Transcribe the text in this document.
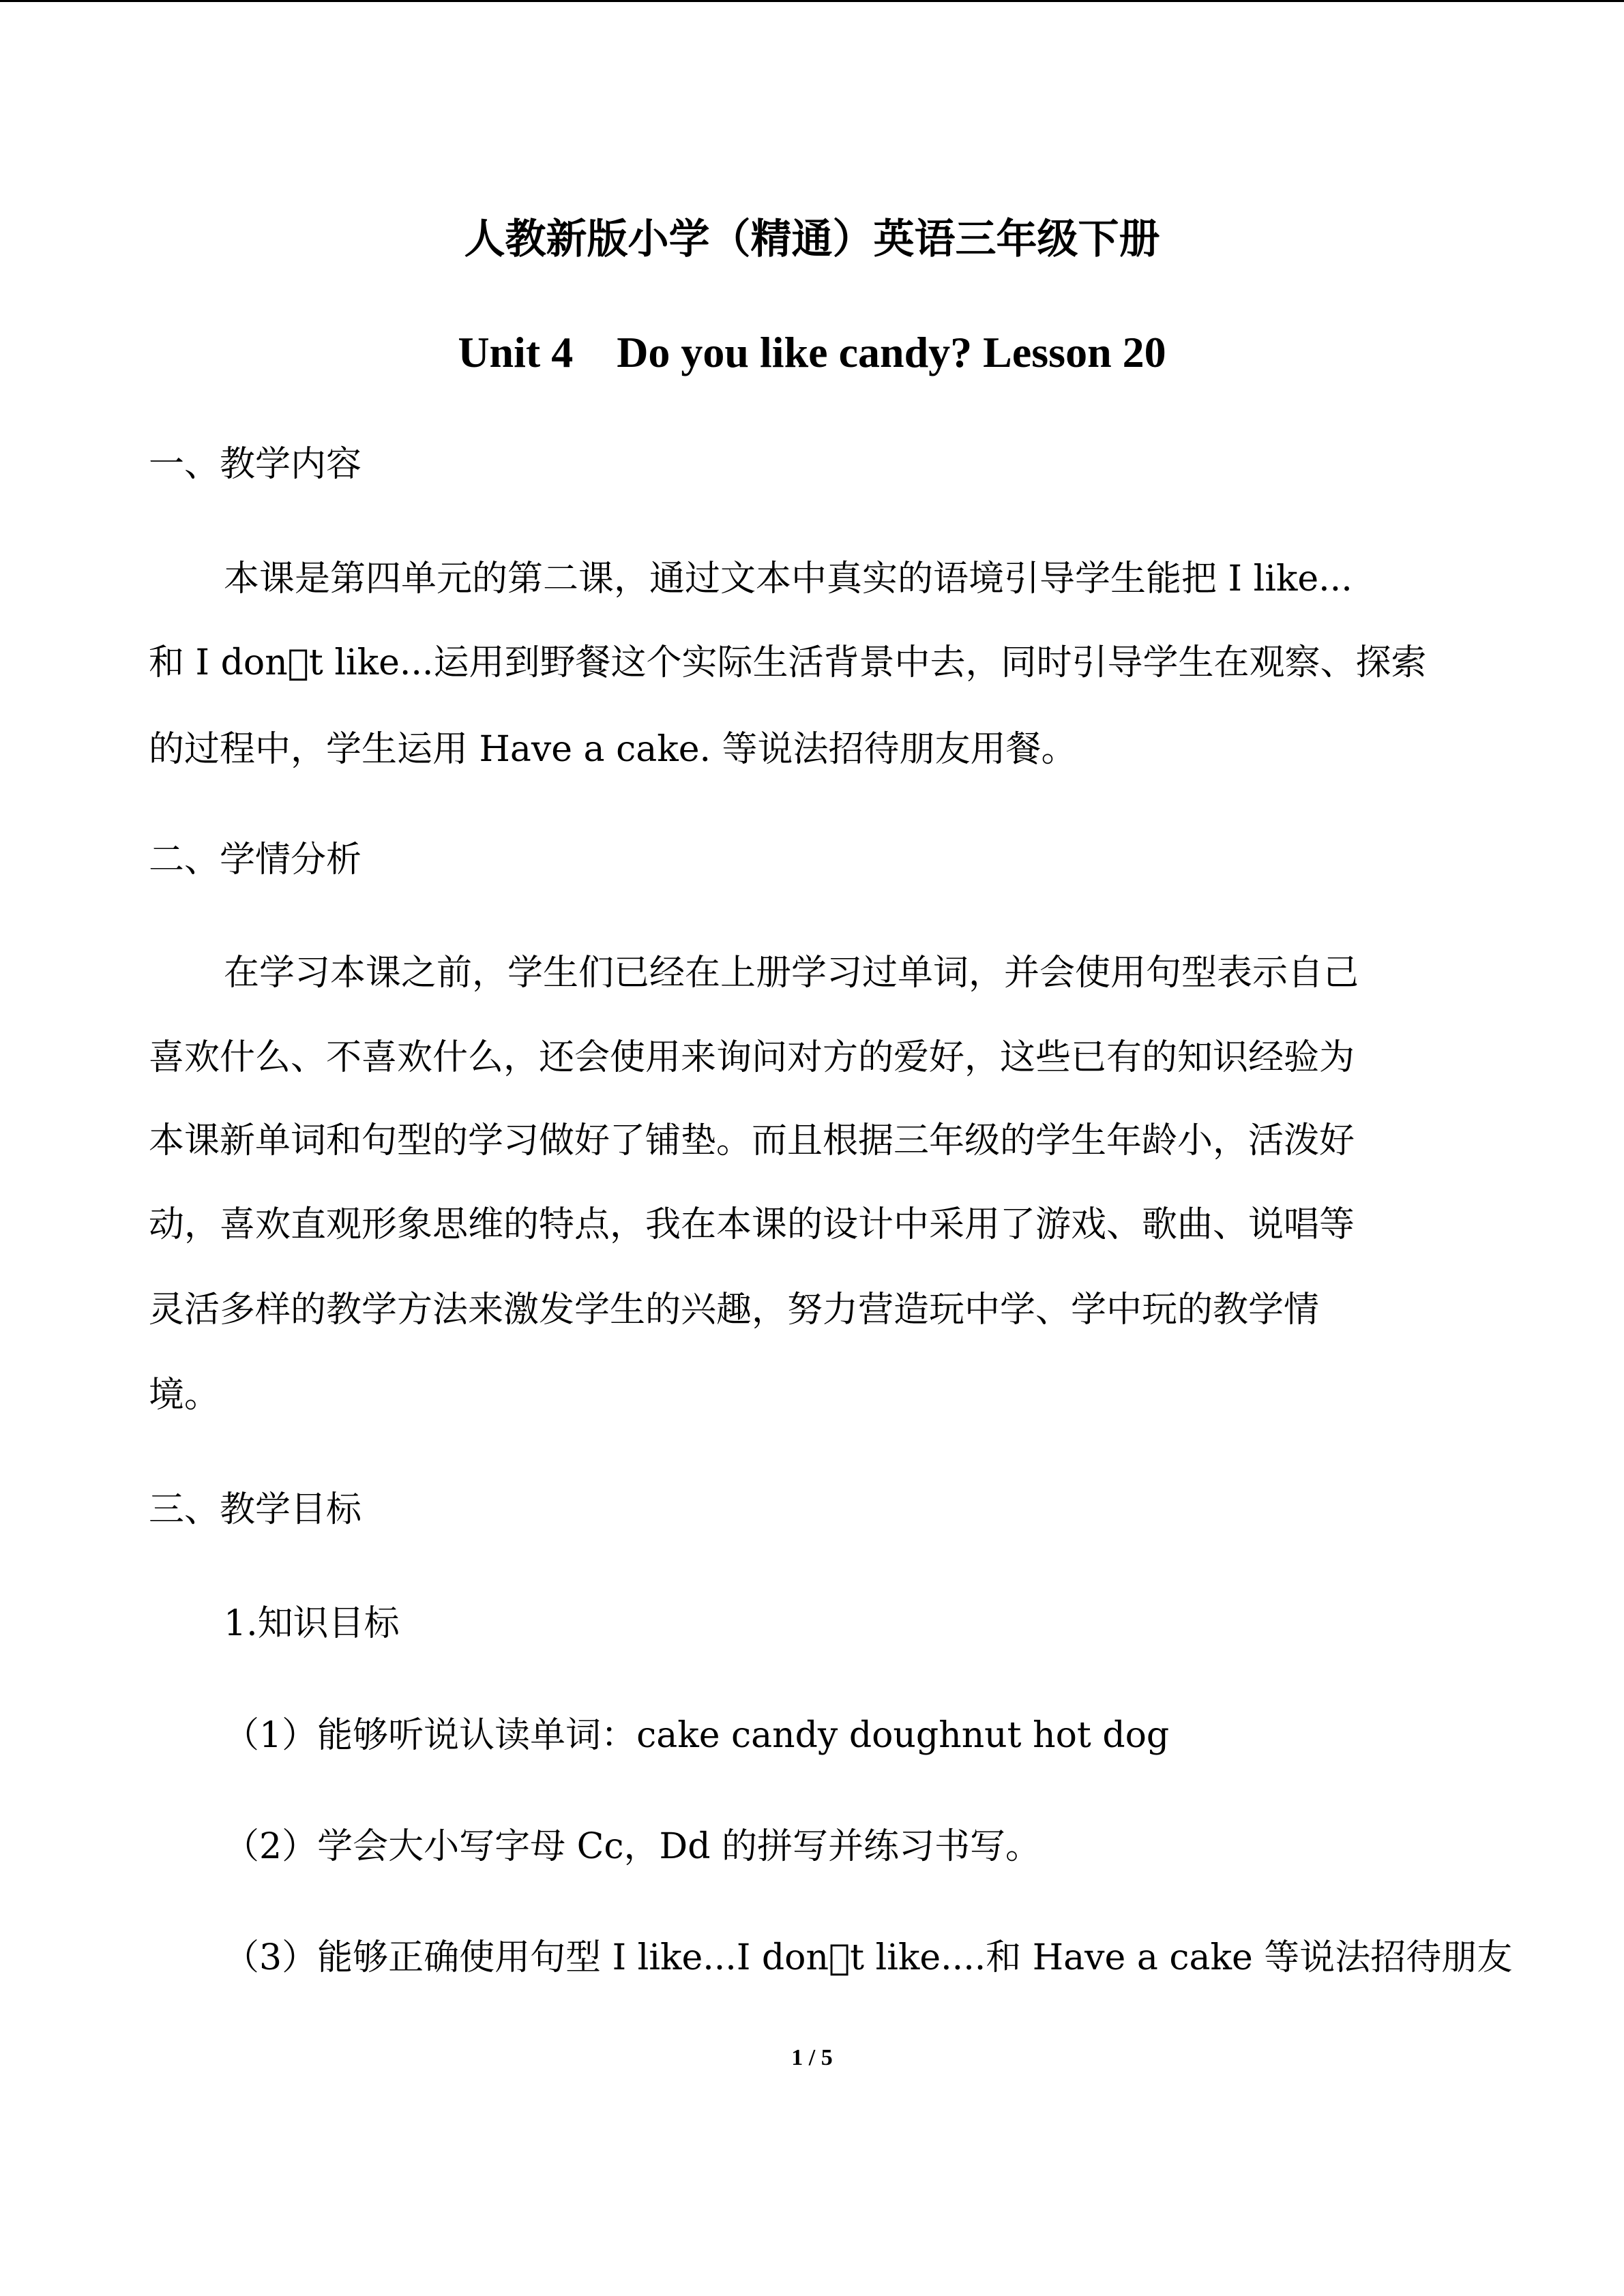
人教新版小学（精通）英语三年级下册
Unit 4　Do you like candy? Lesson 20
一、教学内容
本课是第四单元的第二课，通过文本中真实的语境引导学生能把 I like...
和 I don t like...运用到野餐这个实际生活背景中去，同时引导学生在观察、探索
的过程中，学生运用 Have a cake. 等说法招待朋友用餐。
二、学情分析
在学习本课之前，学生们已经在上册学习过单词，并会使用句型表示自己
喜欢什么、不喜欢什么，还会使用来询问对方的爱好，这些已有的知识经验为
本课新单词和句型的学习做好了铺垫。而且根据三年级的学生年龄小，活泼好
动，喜欢直观形象思维的特点，我在本课的设计中采用了游戏、歌曲、说唱等
灵活多样的教学方法来激发学生的兴趣，努力营造玩中学、学中玩的教学情
境。
三、教学目标
1.知识目标
（1）能够听说认读单词：cake candy doughnut hot dog
（2）学会大小写字母 Cc，Dd 的拼写并练习书写。
（3）能够正确使用句型 I like...I don t like....和 Have a cake 等说法招待朋友
1 / 5
